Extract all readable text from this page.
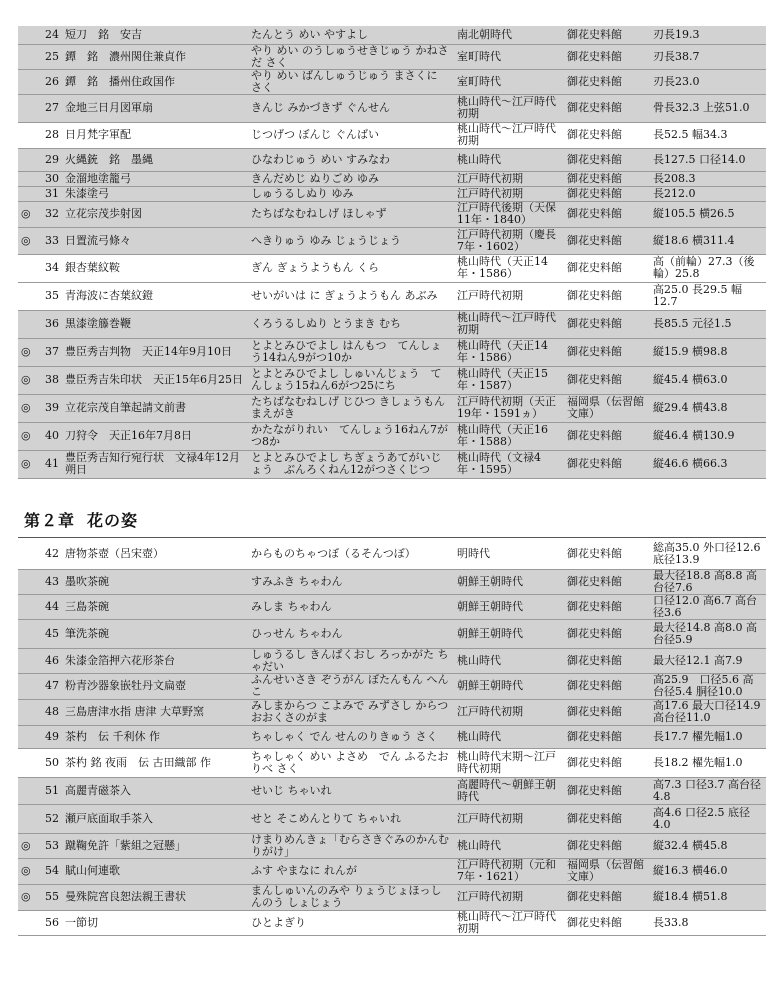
	24	短刀　銘　安吉	たんとう めい やすよし	南北朝時代	御花史料館	刃長19.3
	25	鐔　銘　濃州関住兼貞作	やり めい のうしゅうせきじゅう かねさだ さく	室町時代	御花史料館	刃長38.7
	26	鐔　銘　播州住政国作	やり めい ばんしゅうじゅう まさくに さく	室町時代	御花史料館	刃長23.0
	27	金地三日月図軍扇	きんじ みかづきず ぐんせん	桃山時代～江戸時代初期	御花史料館	骨長32.3 上弦51.0
	28	日月梵字軍配	じつげつ ぼんじ ぐんばい	桃山時代～江戸時代初期	御花史料館	長52.5 幅34.3
	29	火縄銃　銘　墨縄	ひなわじゅう めい すみなわ	桃山時代	御花史料館	長127.5 口径14.0
	30	金溜地塗籠弓	きんだめじ ぬりごめ ゆみ	江戸時代初期	御花史料館	長208.3
	31	朱漆塗弓	しゅうるしぬり ゆみ	江戸時代初期	御花史料館	長212.0
◎	32	立花宗茂歩射図	たちばなむねしげ ほしゃず	江戸時代後期（天保11年・1840）	御花史料館	縦105.5 横26.5
◎	33	日置流弓條々	へきりゅう ゆみ じょうじょう	江戸時代初期（慶長7年・1602）	御花史料館	縦18.6 横311.4
	34	銀杏葉紋鞍	ぎん ぎょうようもん くら	桃山時代（天正14年・1586）	御花史料館	高（前輪）27.3（後輪）25.8
	35	青海波に杏葉紋鐙	せいがいは に ぎょうようもん あぶみ	江戸時代初期	御花史料館	高25.0 長29.5 幅12.7
	36	黒漆塗籐巻鞭	くろうるしぬり とうまき むち	桃山時代～江戸時代初期	御花史料館	長85.5 元径1.5
◎	37	豊臣秀吉判物　天正14年9月10日	とよとみひでよし はんもつ　てんしょう14ねん9がつ10か	桃山時代（天正14年・1586）	御花史料館	縦15.9 横98.8
◎	38	豊臣秀吉朱印状　天正15年6月25日	とよとみひでよし しゅいんじょう　てんしょう15ねん6がつ25にち	桃山時代（天正15年・1587）	御花史料館	縦45.4 横63.0
◎	39	立花宗茂自筆起請文前書	たちばなむねしげ じひつ きしょうもんまえがき	江戸時代初期（天正19年・1591ヵ）	福岡県（伝習館文庫）	縦29.4 横43.8
◎	40	刀狩令　天正16年7月8日	かたながりれい　てんしょう16ねん7がつ8か	桃山時代（天正16年・1588）	御花史料館	縦46.4 横130.9
◎	41	豊臣秀吉知行宛行状　文禄4年12月朔日	とよとみひでよし ちぎょうあてがいじょう　ぶんろくねん12がつさくじつ	桃山時代（文禄4年・1595）	御花史料館	縦46.6 横66.3
第２章 花の姿
	42	唐物茶壺（呂宋壺）	からものちゃつぼ（るそんつぼ）	明時代	御花史料館	総高35.0 外口径12.6 底径13.9
	43	墨吹茶碗	すみふき ちゃわん	朝鮮王朝時代	御花史料館	最大径18.8 高8.8 高台径7.6
	44	三島茶碗	みしま ちゃわん	朝鮮王朝時代	御花史料館	口径12.0 高6.7 高台径3.6
	45	筆洗茶碗	ひっせん ちゃわん	朝鮮王朝時代	御花史料館	最大径14.8 高8.0 高台径5.9
	46	朱漆金箔押六花形茶台	しゅうるし きんぱくおし ろっかがた ちゃだい	桃山時代	御花史料館	最大径12.1 高7.9
	47	粉青沙器象嵌牡丹文扁壺	ふんせいさき ぞうがん ぼたんもん へんこ	朝鮮王朝時代	御花史料館	高25.9　口径5.6 高台径5.4 胴径10.0
	48	三島唐津水指 唐津 大草野窯	みしまからつ こよみで みずさし からつ おおくさのがま	江戸時代初期	御花史料館	高17.6 最大口径14.9 高台径11.0
	49	茶杓　伝 千利休 作	ちゃしゃく でん せんのりきゅう さく	桃山時代	御花史料館	長17.7 櫂先幅1.0
	50	茶杓 銘 夜雨　伝 古田織部 作	ちゃしゃく めい よさめ　でん ふるたおりべ さく	桃山時代末期～江戸時代初期	御花史料館	長18.2 櫂先幅1.0
	51	高麗青磁茶入	せいじ ちゃいれ	高麗時代～朝鮮王朝時代	御花史料館	高7.3 口径3.7 高台径4.8
	52	瀬戸底面取手茶入	せと そこめんとりて ちゃいれ	江戸時代初期	御花史料館	高4.6 口径2.5 底径4.0
◎	53	蹴鞠免許「紫組之冠懸」	けまりめんきょ「むらさきぐみのかんむりがけ」	桃山時代	御花史料館	縦32.4 横45.8
◎	54	賦山何連歌	ふす やまなに れんが	江戸時代初期（元和7年・1621）	福岡県（伝習館文庫）	縦16.3 横46.0
◎	55	曼殊院宮良恕法親王書状	まんしゅいんのみや りょうじょほっしんのう しょじょう	江戸時代初期	御花史料館	縦18.4 横51.8
	56	一節切	ひとよぎり	桃山時代～江戸時代初期	御花史料館	長33.8
